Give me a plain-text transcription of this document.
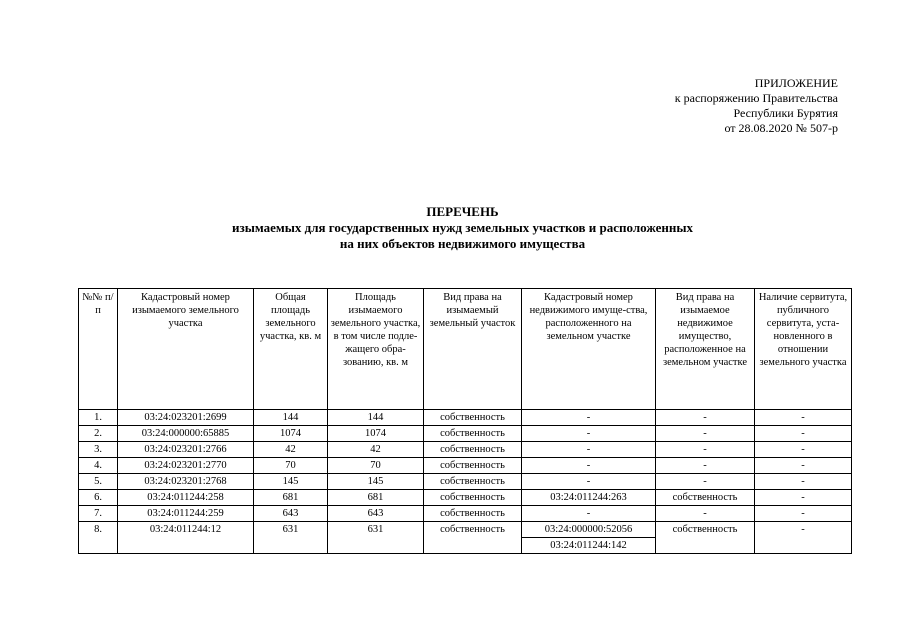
ПРИЛОЖЕНИЕ
к распоряжению Правительства
Республики Бурятия
от 28.08.2020 № 507-р
ПЕРЕЧЕНЬ
изымаемых для государственных нужд земельных участков и расположенных
на них объектов недвижимого имущества
№№ п/п	Кадастровый номер изымаемого земельного участка	Общая площадь земельного участка, кв. м	Площадь изымаемого земельного участка, в том числе подле-жащего обра-зованию, кв. м	Вид права на изымаемый земельный участок	Кадастровый номер недвижимого имуще-ства, расположенного на земельном участке	Вид права на изымаемое недвижимое имущество, расположенное на земельном участке	Наличие сервитута, публичного сервитута, уста-новленного в отношении земельного участка
1.	03:24:023201:2699	144	144	собственность	-	-	-
2.	03:24:000000:65885	1074	1074	собственность	-	-	-
3.	03:24:023201:2766	42	42	собственность	-	-	-
4.	03:24:023201:2770	70	70	собственность	-	-	-
5.	03:24:023201:2768	145	145	собственность	-	-	-
6.	03:24:011244:258	681	681	собственность	03:24:011244:263	собственность	-
7.	03:24:011244:259	643	643	собственность	-	-	-
8.	03:24:011244:12	631	631	собственность	03:24:000000:52056	собственность	-
					03:24:011244:142		
